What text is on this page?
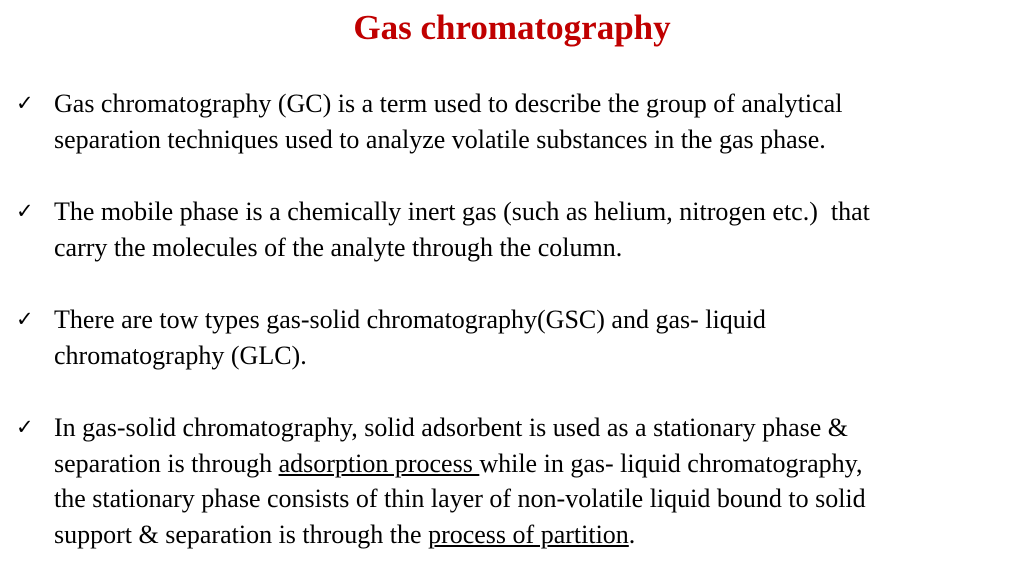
Gas chromatography
✓ Gas chromatography (GC) is a term used to describe the group of analytical
separation techniques used to analyze volatile substances in the gas phase.
✓ The mobile phase is a chemically inert gas (such as helium, nitrogen etc.)  that
carry the molecules of the analyte through the column.
✓ There are tow types gas-solid chromatography(GSC) and gas- liquid
chromatography (GLC).
✓ In gas-solid chromatography, solid adsorbent is used as a stationary phase &
separation is through adsorption process while in gas- liquid chromatography,
the stationary phase consists of thin layer of non-volatile liquid bound to solid
support & separation is through the process of partition.
